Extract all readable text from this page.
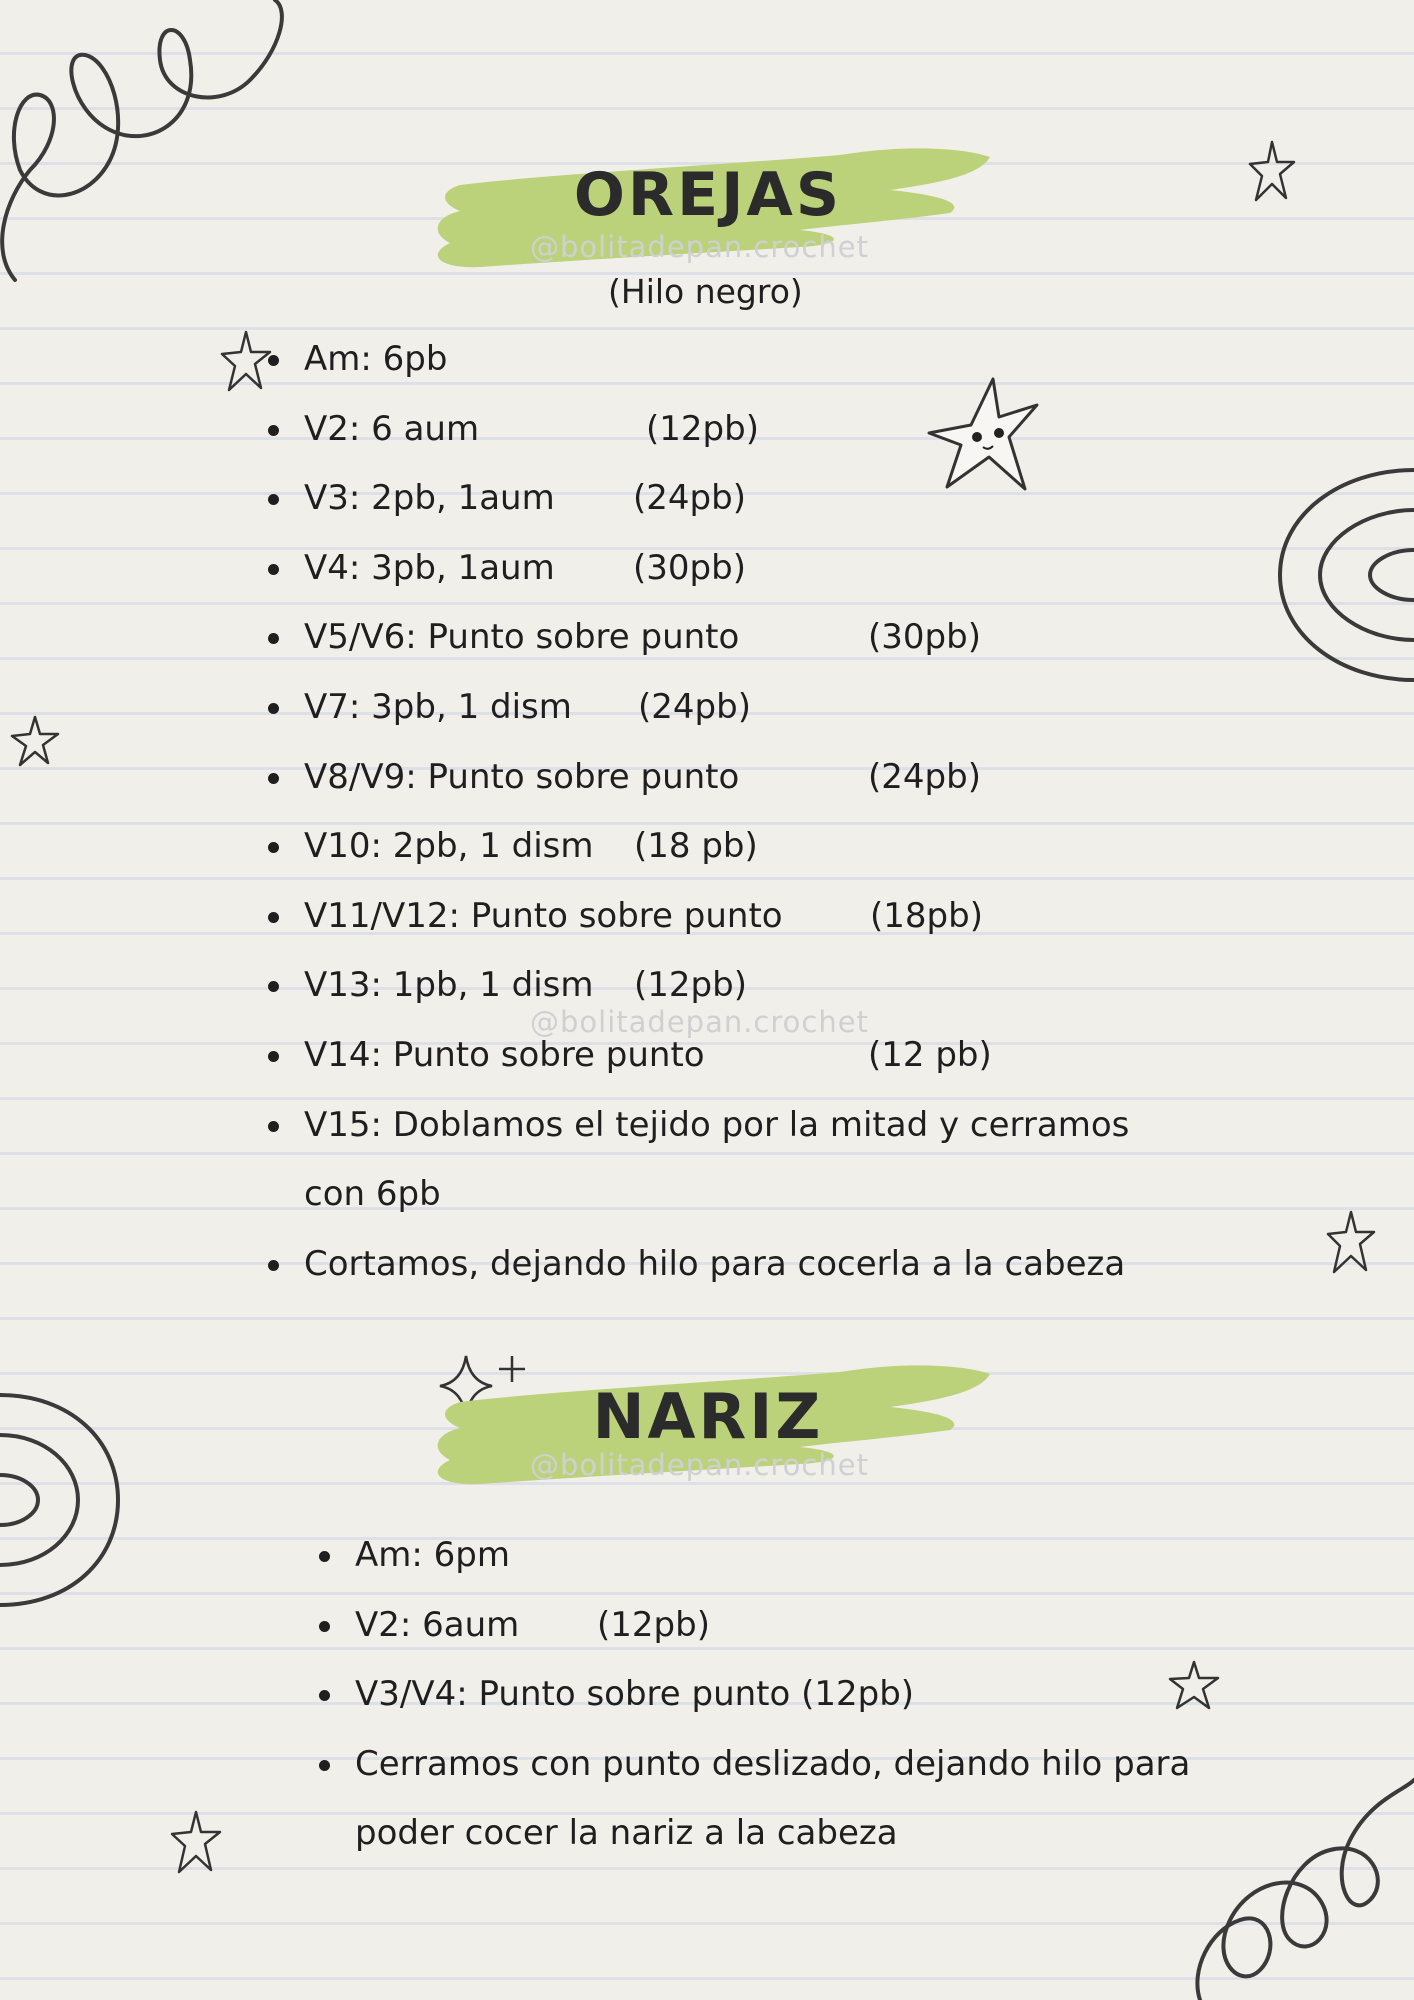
OREJAS

@bolitadepan.crochet

(Hilo negro)

Am: 6pb
V2: 6 aum	(12pb)
V3: 2pb, 1aum (24pb)
V4: 3pb, 1aum (30pb)
V5/V6: Punto sobre punto	(30pb)
V7: 3pb, 1 dism (24pb)
V8/V9: Punto sobre punto	(24pb)
V10: 2pb, 1 dism (18 pb)
V11/V12: Punto sobre punto	(18pb)
V13: 1pb, 1 dism (12pb)
V14: Punto sobre punto	(12 pb)
V15: Doblamos el tejido por la mitad y cerramos con 6pb
Cortamos, dejando hilo para cocerla a la cabeza

@bolitadepan.crochet

NARIZ

@bolitadepan.crochet

Am: 6pm
V2: 6aum (12pb)
V3/V4: Punto sobre punto (12pb)
Cerramos con punto deslizado, dejando hilo para poder cocer la nariz a la cabeza
